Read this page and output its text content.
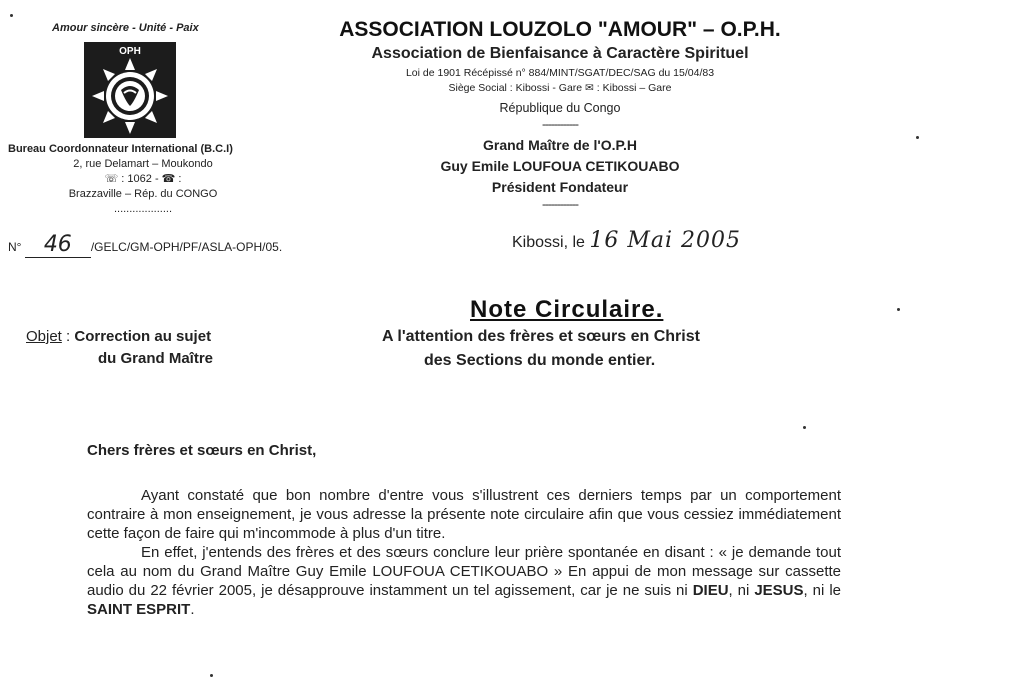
Amour sincère - Unité - Paix
OPH
Bureau Coordonnateur International (B.C.I)
2, rue Delamart – Moukondo
☏ : 1062 - ☎ :
Brazzaville – Rép. du CONGO
...................
ASSOCIATION LOUZOLO "AMOUR" – O.P.H.
Association de Bienfaisance à Caractère Spirituel
Loi de 1901 Récépissé n° 884/MINT/SGAT/DEC/SAG du 15/04/83
Siège Social : Kibossi - Gare ✉ : Kibossi – Gare
République du Congo
------------
Grand Maître de l'O.P.H
Guy Emile LOUFOUA CETIKOUABO
Président Fondateur
------------
N° 46 /GELC/GM-OPH/PF/ASLA-OPH/05.	Kibossi, le 16 Mai 2005
Note Circulaire.
Objet : Correction au sujet
du Grand Maître
A l'attention des frères et sœurs en Christ
des Sections du monde entier.
Chers frères et sœurs en Christ,

Ayant constaté que bon nombre d'entre vous s'illustrent ces derniers temps par un comportement contraire à mon enseignement, je vous adresse la présente note circulaire afin que vous cessiez immédiatement cette façon de faire qui m'incommode à plus d'un titre.

En effet, j'entends des frères et des sœurs conclure leur prière spontanée en disant : « je demande tout cela au nom du Grand Maître Guy Emile LOUFOUA CETIKOUABO » En appui de mon message sur cassette audio du 22 février 2005, je désapprouve instamment un tel agissement, car je ne suis ni DIEU, ni JESUS, ni le SAINT ESPRIT.
